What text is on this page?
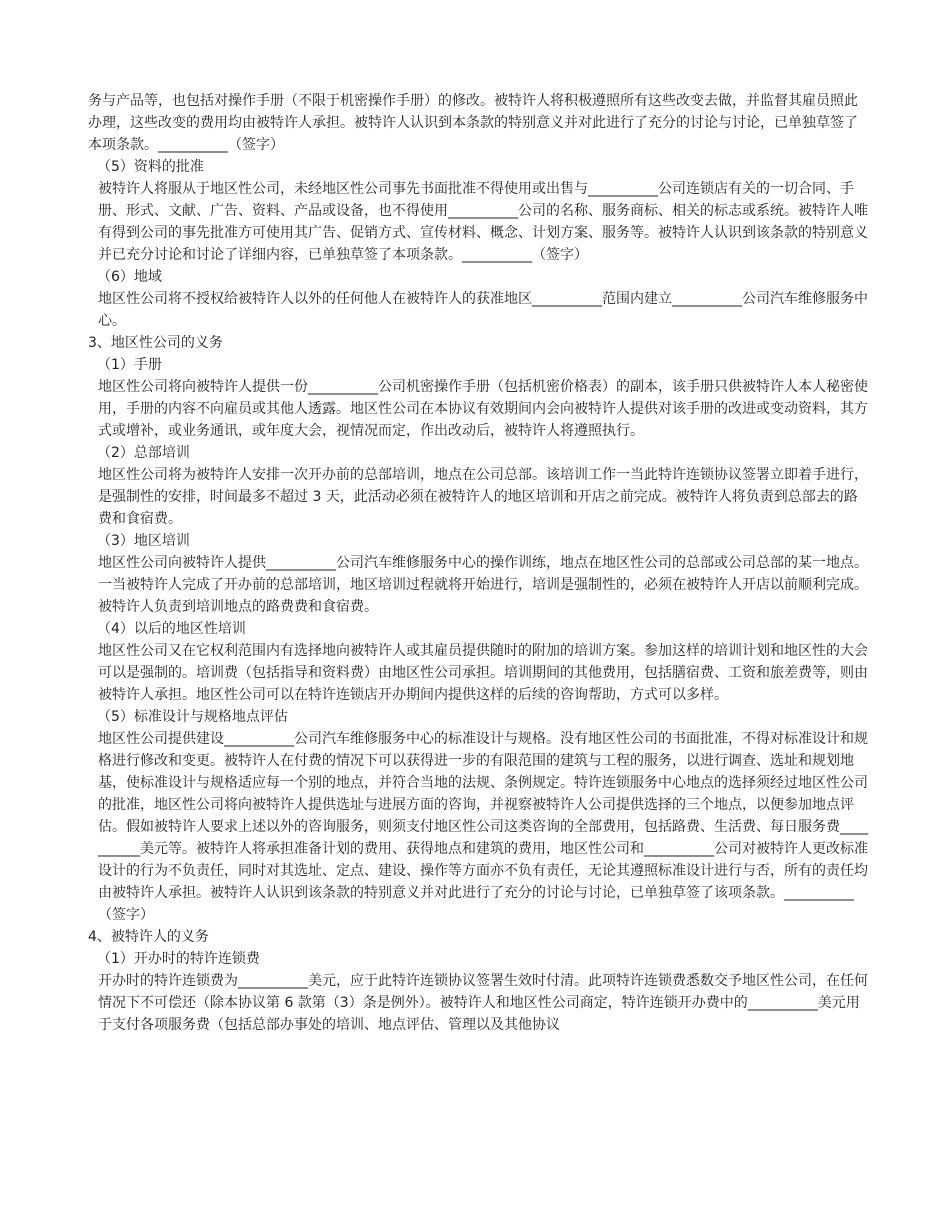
务与产品等，也包括对操作手册（不限于机密操作手册）的修改。被特许人将积极遵照所有这些改变去做，并监督其雇员照此办理，这些改变的费用均由被特许人承担。被特许人认识到本条款的特别意义并对此进行了充分的讨论与讨论，已单独草签了本项条款。__________（签字）

（5）资料的批准

被特许人将服从于地区性公司，未经地区性公司事先书面批准不得使用或出售与__________公司连锁店有关的一切合同、手册、形式、文献、广告、资料、产品或设备，也不得使用__________公司的名称、服务商标、相关的标志或系统。被特许人唯有得到公司的事先批准方可使用其广告、促销方式、宣传材料、概念、计划方案、服务等。被特许人认识到该条款的特别意义并已充分讨论和讨论了详细内容，已单独草签了本项条款。__________（签字）

（6）地域

地区性公司将不授权给被特许人以外的任何他人在被特许人的获准地区__________范围内建立__________公司汽车维修服务中心。

3、地区性公司的义务

（1）手册

地区性公司将向被特许人提供一份__________公司机密操作手册（包括机密价格表）的副本，该手册只供被特许人本人秘密使用，手册的内容不向雇员或其他人透露。地区性公司在本协议有效期间内会向被特许人提供对该手册的改进或变动资料，其方式或增补，或业务通讯，或年度大会，视情况而定，作出改动后，被特许人将遵照执行。

（2）总部培训

地区性公司将为被特许人安排一次开办前的总部培训，地点在公司总部。该培训工作一当此特许连锁协议签署立即着手进行，是强制性的安排，时间最多不超过 3 天，此活动必须在被特许人的地区培训和开店之前完成。被特许人将负责到总部去的路费和食宿费。

（3）地区培训

地区性公司向被特许人提供__________公司汽车维修服务中心的操作训练，地点在地区性公司的总部或公司总部的某一地点。一当被特许人完成了开办前的总部培训，地区培训过程就将开始进行，培训是强制性的，必须在被特许人开店以前顺利完成。被特许人负责到培训地点的路费费和食宿费。

（4）以后的地区性培训

地区性公司又在它权利范围内有选择地向被特许人或其雇员提供随时的附加的培训方案。参加这样的培训计划和地区性的大会可以是强制的。培训费（包括指导和资料费）由地区性公司承担。培训期间的其他费用，包括膳宿费、工资和旅差费等，则由被特许人承担。地区性公司可以在特许连锁店开办期间内提供这样的后续的咨询帮助，方式可以多样。

（5）标准设计与规格地点评估

地区性公司提供建设__________公司汽车维修服务中心的标准设计与规格。没有地区性公司的书面批准，不得对标准设计和规格进行修改和变更。被特许人在付费的情况下可以获得进一步的有限范围的建筑与工程的服务，以进行调查、选址和规划地基，使标准设计与规格适应每一个别的地点，并符合当地的法规、条例规定。特许连锁服务中心地点的选择须经过地区性公司的批准，地区性公司将向被特许人提供选址与进展方面的咨询，并视察被特许人公司提供选择的三个地点，以便参加地点评估。假如被特许人要求上述以外的咨询服务，则须支付地区性公司这类咨询的全部费用，包括路费、生活费、每日服务费__________美元等。被特许人将承担准备计划的费用、获得地点和建筑的费用，地区性公司和__________公司对被特许人更改标准设计的行为不负责任，同时对其选址、定点、建设、操作等方面亦不负有责任，无论其遵照标准设计进行与否，所有的责任均由被特许人承担。被特许人认识到该条款的特别意义并对此进行了充分的讨论与讨论，已单独草签了该项条款。__________（签字）

4、被特许人的义务

（1）开办时的特许连锁费

开办时的特许连锁费为__________美元，应于此特许连锁协议签署生效时付清。此项特许连锁费悉数交予地区性公司，在任何情况下不可偿还（除本协议第 6 款第（3）条是例外）。被特许人和地区性公司商定，特许连锁开办费中的__________美元用于支付各项服务费（包括总部办事处的培训、地点评估、管理以及其他协议
